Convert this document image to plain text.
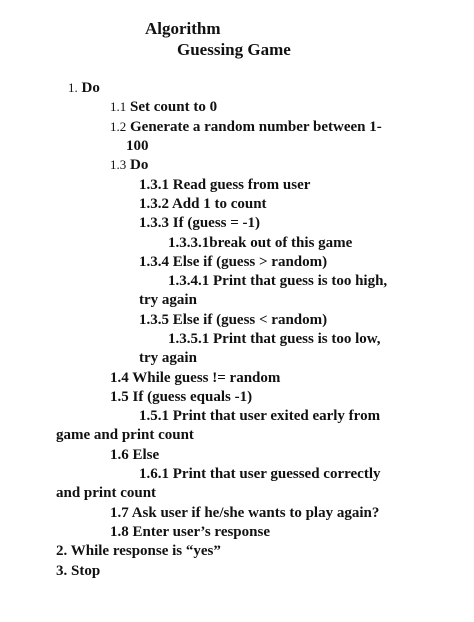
Algorithm
Guessing Game
1. Do
1.1 Set count to 0
1.2 Generate a random number between 1-
100
1.3 Do
1.3.1 Read guess from user
1.3.2 Add 1 to count
1.3.3 If (guess = -1)
1.3.3.1break out of this game
1.3.4 Else if (guess > random)
1.3.4.1 Print that guess is too high,
try again
1.3.5 Else if (guess < random)
1.3.5.1 Print that guess is too low,
try again
1.4 While guess != random
1.5 If (guess equals -1)
1.5.1 Print that user exited early from
game and print count
1.6 Else
1.6.1 Print that user guessed correctly
and print count
1.7 Ask user if he/she wants to play again?
1.8 Enter user’s response
2. While response is “yes”
3. Stop
